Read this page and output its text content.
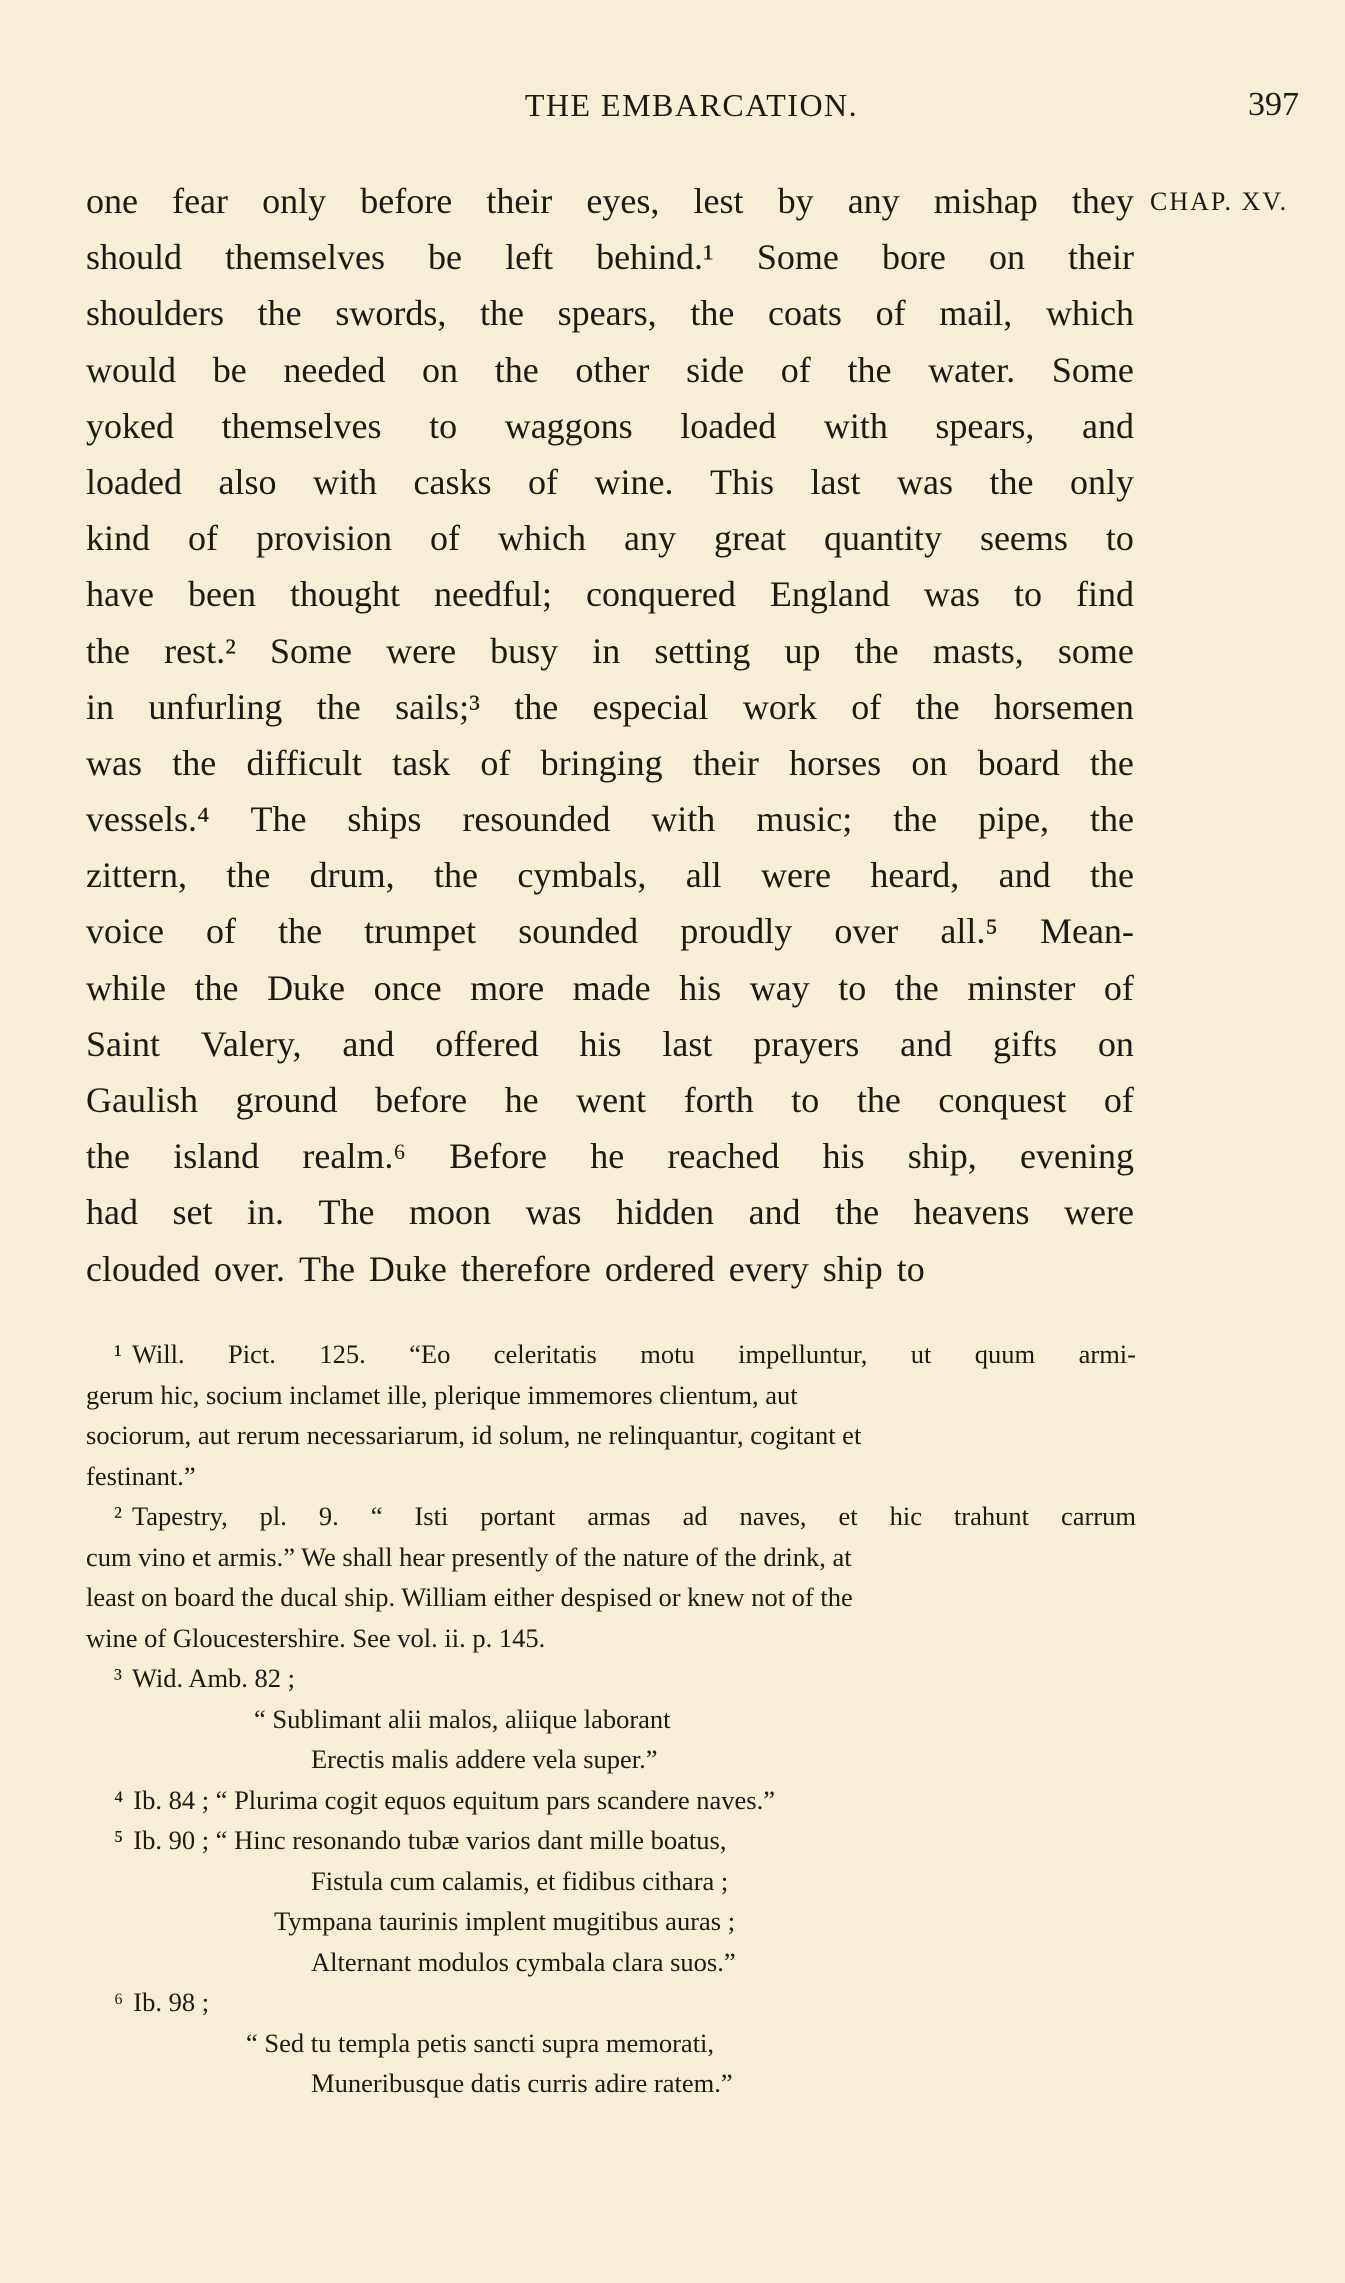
THE EMBARCATION.	397
CHAP. XV.
one fear only before their eyes, lest by any mishap they
should themselves be left behind.¹ Some bore on their
shoulders the swords, the spears, the coats of mail, which
would be needed on the other side of the water. Some
yoked themselves to waggons loaded with spears, and
loaded also with casks of wine. This last was the only
kind of provision of which any great quantity seems to
have been thought needful; conquered England was to find
the rest.² Some were busy in setting up the masts, some
in unfurling the sails;³ the especial work of the horsemen
was the difficult task of bringing their horses on board the
vessels.⁴ The ships resounded with music; the pipe, the
zittern, the drum, the cymbals, all were heard, and the
voice of the trumpet sounded proudly over all.⁵ Mean-
while the Duke once more made his way to the minster of
Saint Valery, and offered his last prayers and gifts on
Gaulish ground before he went forth to the conquest of
the island realm.⁶ Before he reached his ship, evening
had set in. The moon was hidden and the heavens were
clouded over. The Duke therefore ordered every ship to
¹ Will. Pict. 125. “Eo celeritatis motu impelluntur, ut quum armi-
gerum hic, socium inclamet ille, plerique immemores clientum, aut
sociorum, aut rerum necessariarum, id solum, ne relinquantur, cogitant et
festinant.”
² Tapestry, pl. 9. “ Isti portant armas ad naves, et hic trahunt carrum
cum vino et armis.” We shall hear presently of the nature of the drink, at
least on board the ducal ship. William either despised or knew not of the
wine of Gloucestershire. See vol. ii. p. 145.
³ Wid. Amb. 82 ;
“ Sublimant alii malos, aliique laborant
Erectis malis addere vela super.”
⁴ Ib. 84 ; “ Plurima cogit equos equitum pars scandere naves.”
⁵ Ib. 90 ; “ Hinc resonando tubæ varios dant mille boatus,
Fistula cum calamis, et fidibus cithara ;
Tympana taurinis implent mugitibus auras ;
Alternant modulos cymbala clara suos.”
⁶ Ib. 98 ;
“ Sed tu templa petis sancti supra memorati,
Muneribusque datis curris adire ratem.”
